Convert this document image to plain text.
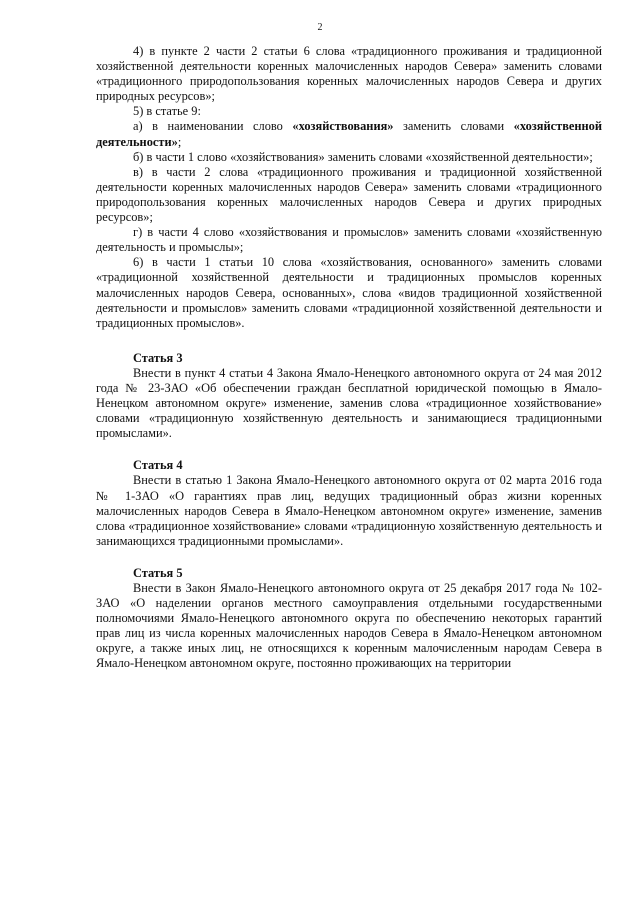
2

4) в пункте 2 части 2 статьи 6 слова «традиционного проживания и традиционной хозяйственной деятельности коренных малочисленных народов Севера» заменить словами «традиционного природопользования коренных малочисленных народов Севера и других природных ресурсов»;

5) в статье 9:

а) в наименовании слово «хозяйствования» заменить словами «хозяйственной деятельности»;

б) в части 1 слово «хозяйствования» заменить словами «хозяйственной деятельности»;

в) в части 2 слова «традиционного проживания и традиционной хозяйственной деятельности коренных малочисленных народов Севера» заменить словами «традиционного природопользования коренных малочисленных народов Севера и других природных ресурсов»;

г) в части 4 слово «хозяйствования и промыслов» заменить словами «хозяйственную деятельность и промыслы»;

6) в части 1 статьи 10 слова «хозяйствования, основанного» заменить словами «традиционной хозяйственной деятельности и традиционных промыслов коренных малочисленных народов Севера, основанных», слова «видов традиционной хозяйственной деятельности и промыслов» заменить словами «традиционной хозяйственной деятельности и традиционных промыслов».

Статья 3

Внести в пункт 4 статьи 4 Закона Ямало-Ненецкого автономного округа от 24 мая 2012 года № 23-ЗАО «Об обеспечении граждан бесплатной юридической помощью в Ямало-Ненецком автономном округе» изменение, заменив слова «традиционное хозяйствование» словами «традиционную хозяйственную деятельность и занимающиеся традиционными промыслами».

Статья 4

Внести в статью 1 Закона Ямало-Ненецкого автономного округа от 02 марта 2016 года № 1-ЗАО «О гарантиях прав лиц, ведущих традиционный образ жизни коренных малочисленных народов Севера в Ямало-Ненецком автономном округе» изменение, заменив слова «традиционное хозяйствование» словами «традиционную хозяйственную деятельность и занимающихся традиционными промыслами».

Статья 5

Внести в Закон Ямало-Ненецкого автономного округа от 25 декабря 2017 года № 102-ЗАО «О наделении органов местного самоуправления отдельными государственными полномочиями Ямало-Ненецкого автономного округа по обеспечению некоторых гарантий прав лиц из числа коренных малочисленных народов Севера в Ямало-Ненецком автономном округе, а также иных лиц, не относящихся к коренным малочисленным народам Севера в Ямало-Ненецком автономном округе, постоянно проживающих на территории
